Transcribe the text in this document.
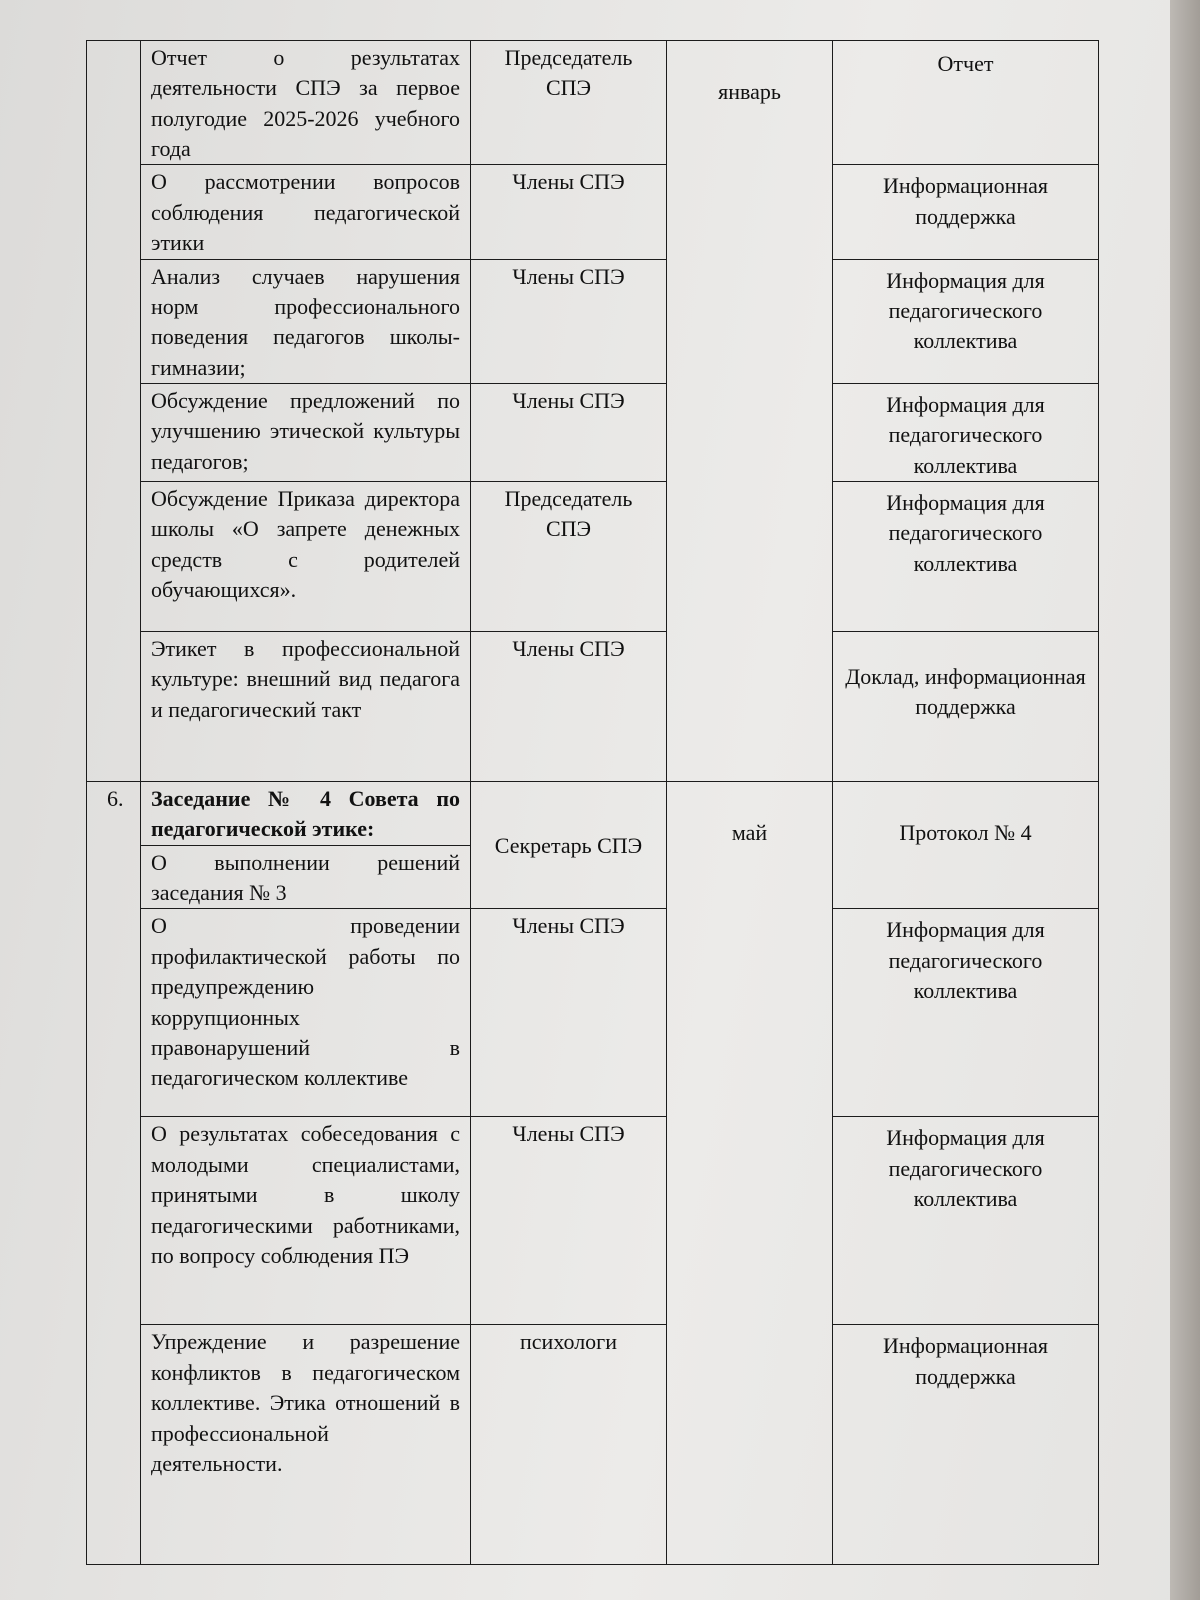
	Отчет о результатах деятельности СПЭ за первое полугодие 2025-2026 учебного года	Председатель СПЭ	январь	Отчет
	О рассмотрении вопросов соблюдения педагогической этики	Члены СПЭ		Информационная поддержка
	Анализ случаев нарушения норм профессионального поведения педагогов школы-гимназии;	Члены СПЭ		Информация для педагогического коллектива
	Обсуждение предложений по улучшению этической культуры педагогов;	Члены СПЭ		Информация для педагогического коллектива
	Обсуждение Приказа директора школы «О запрете денежных средств с родителей обучающихся».	Председатель СПЭ		Информация для педагогического коллектива
	Этикет в профессиональной культуре: внешний вид педагога и педагогический такт	Члены СПЭ		Доклад, информационная поддержка
6.	Заседание № 4 Совета по педагогической этике:	Секретарь СПЭ	май	Протокол № 4
	О выполнении решений заседания № 3			
	О проведении профилактической работы по предупреждению коррупционных правонарушений в педагогическом коллективе	Члены СПЭ		Информация для педагогического коллектива
	О результатах собеседования с молодыми специалистами, принятыми в школу педагогическими работниками, по вопросу соблюдения ПЭ	Члены СПЭ		Информация для педагогического коллектива
	Упреждение и разрешение конфликтов в педагогическом коллективе. Этика отношений в профессиональной деятельности.	психологи		Информационная поддержка
